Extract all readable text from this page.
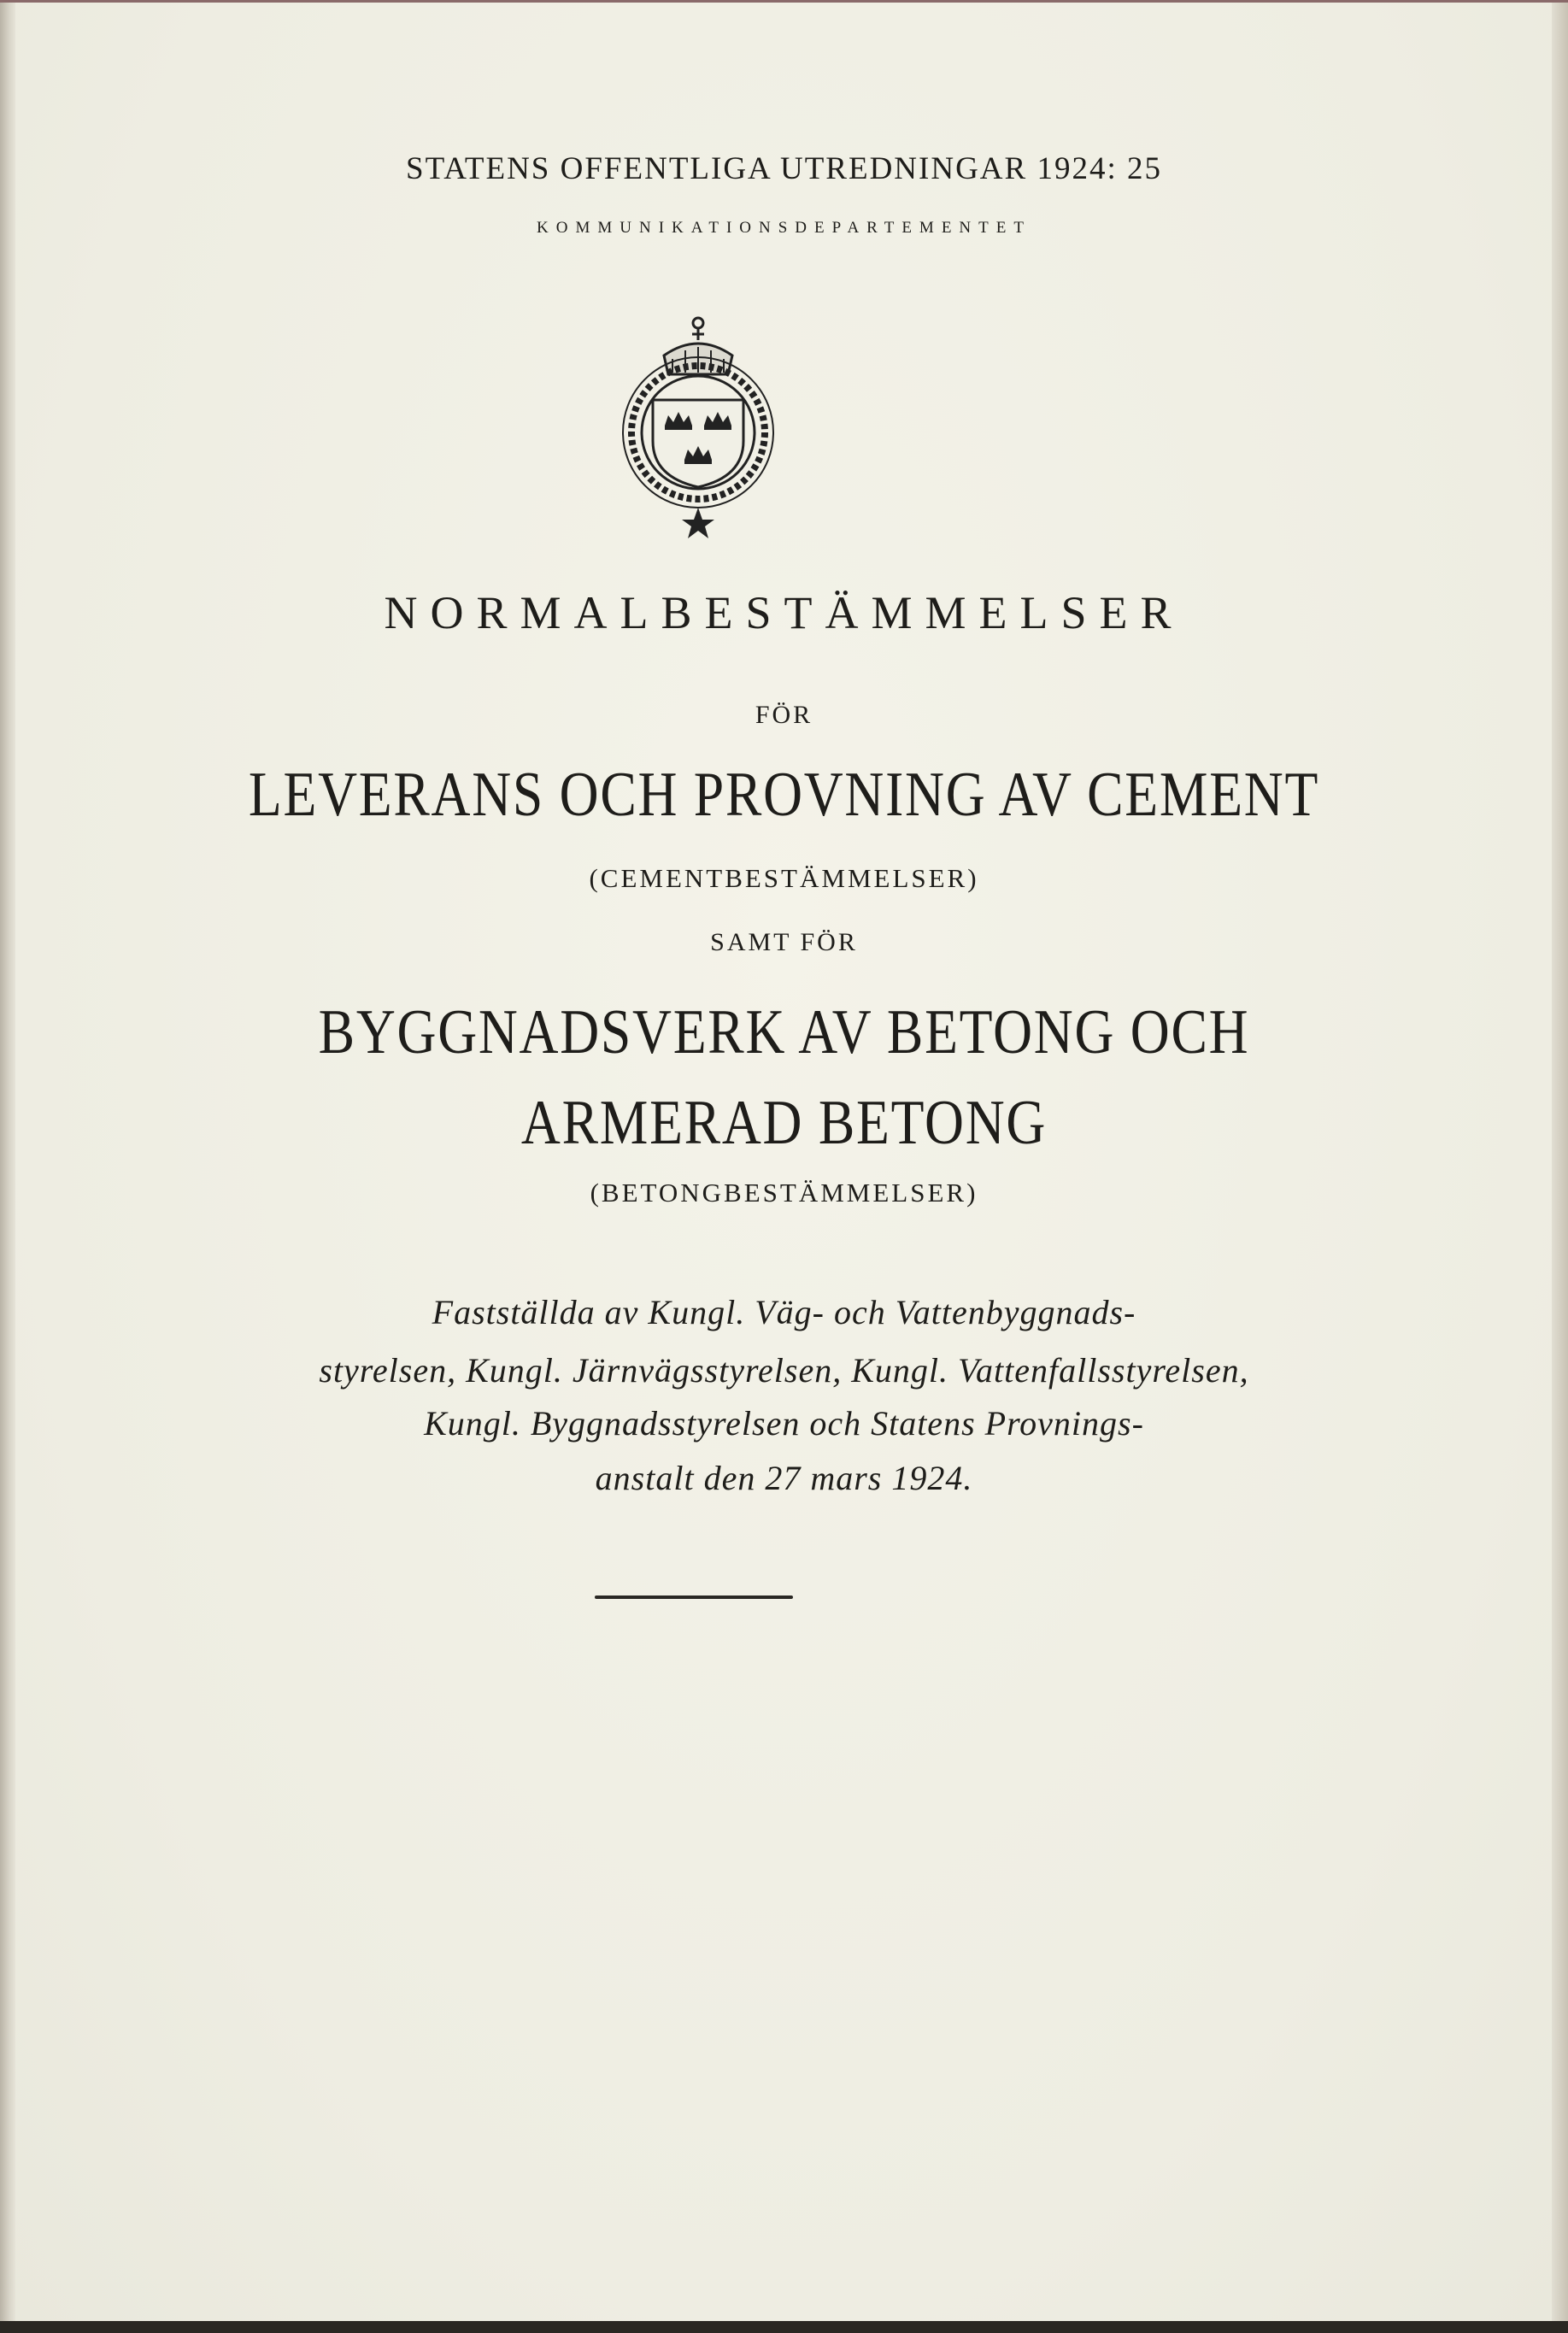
STATENS OFFENTLIGA UTREDNINGAR 1924: 25
KOMMUNIKATIONSDEPARTEMENTET
NORMALBESTÄMMELSER
FÖR
LEVERANS OCH PROVNING AV CEMENT
(CEMENTBESTÄMMELSER)
SAMT FÖR
BYGGNADSVERK AV BETONG OCH
ARMERAD BETONG
(BETONGBESTÄMMELSER)
Fastställda av Kungl. Väg- och Vattenbyggnads-
styrelsen, Kungl. Järnvägsstyrelsen, Kungl. Vattenfallsstyrelsen,
Kungl. Byggnadsstyrelsen och Statens Provnings-
anstalt den 27 mars 1924.
